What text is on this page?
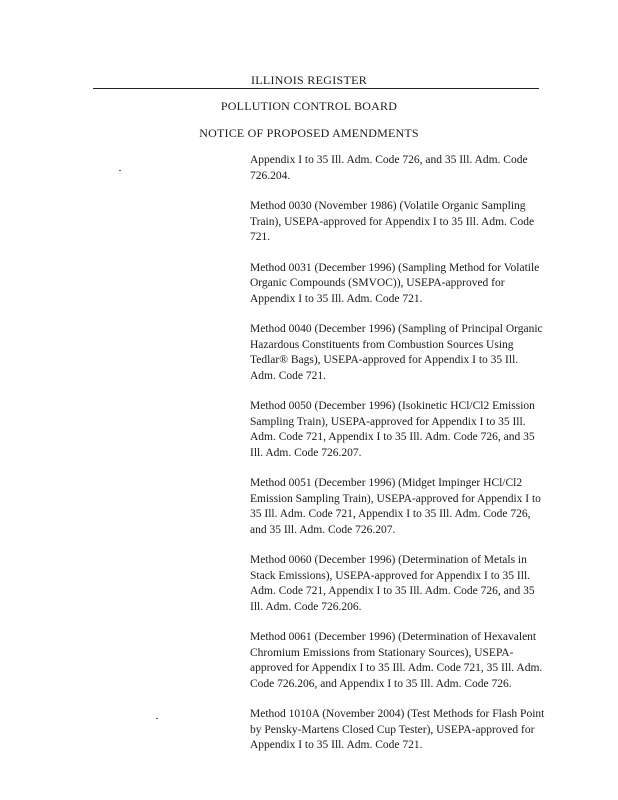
ILLINOIS REGISTER
POLLUTION CONTROL BOARD
NOTICE OF PROPOSED AMENDMENTS

Appendix I to 35 Ill. Adm. Code 726, and 35 Ill. Adm. Code 726.204.

Method 0030 (November 1986) (Volatile Organic Sampling Train), USEPA-approved for Appendix I to 35 Ill. Adm. Code 721.

Method 0031 (December 1996) (Sampling Method for Volatile Organic Compounds (SMVOC)), USEPA-approved for Appendix I to 35 Ill. Adm. Code 721.

Method 0040 (December 1996) (Sampling of Principal Organic Hazardous Constituents from Combustion Sources Using Tedlar® Bags), USEPA-approved for Appendix I to 35 Ill. Adm. Code 721.

Method 0050 (December 1996) (Isokinetic HCl/Cl2 Emission Sampling Train), USEPA-approved for Appendix I to 35 Ill. Adm. Code 721, Appendix I to 35 Ill. Adm. Code 726, and 35 Ill. Adm. Code 726.207.

Method 0051 (December 1996) (Midget Impinger HCl/Cl2 Emission Sampling Train), USEPA-approved for Appendix I to 35 Ill. Adm. Code 721, Appendix I to 35 Ill. Adm. Code 726, and 35 Ill. Adm. Code 726.207.

Method 0060 (December 1996) (Determination of Metals in Stack Emissions), USEPA-approved for Appendix I to 35 Ill. Adm. Code 721, Appendix I to 35 Ill. Adm. Code 726, and 35 Ill. Adm. Code 726.206.

Method 0061 (December 1996) (Determination of Hexavalent Chromium Emissions from Stationary Sources), USEPA-approved for Appendix I to 35 Ill. Adm. Code 721, 35 Ill. Adm. Code 726.206, and Appendix I to 35 Ill. Adm. Code 726.

Method 1010A (November 2004) (Test Methods for Flash Point by Pensky-Martens Closed Cup Tester), USEPA-approved for Appendix I to 35 Ill. Adm. Code 721.
